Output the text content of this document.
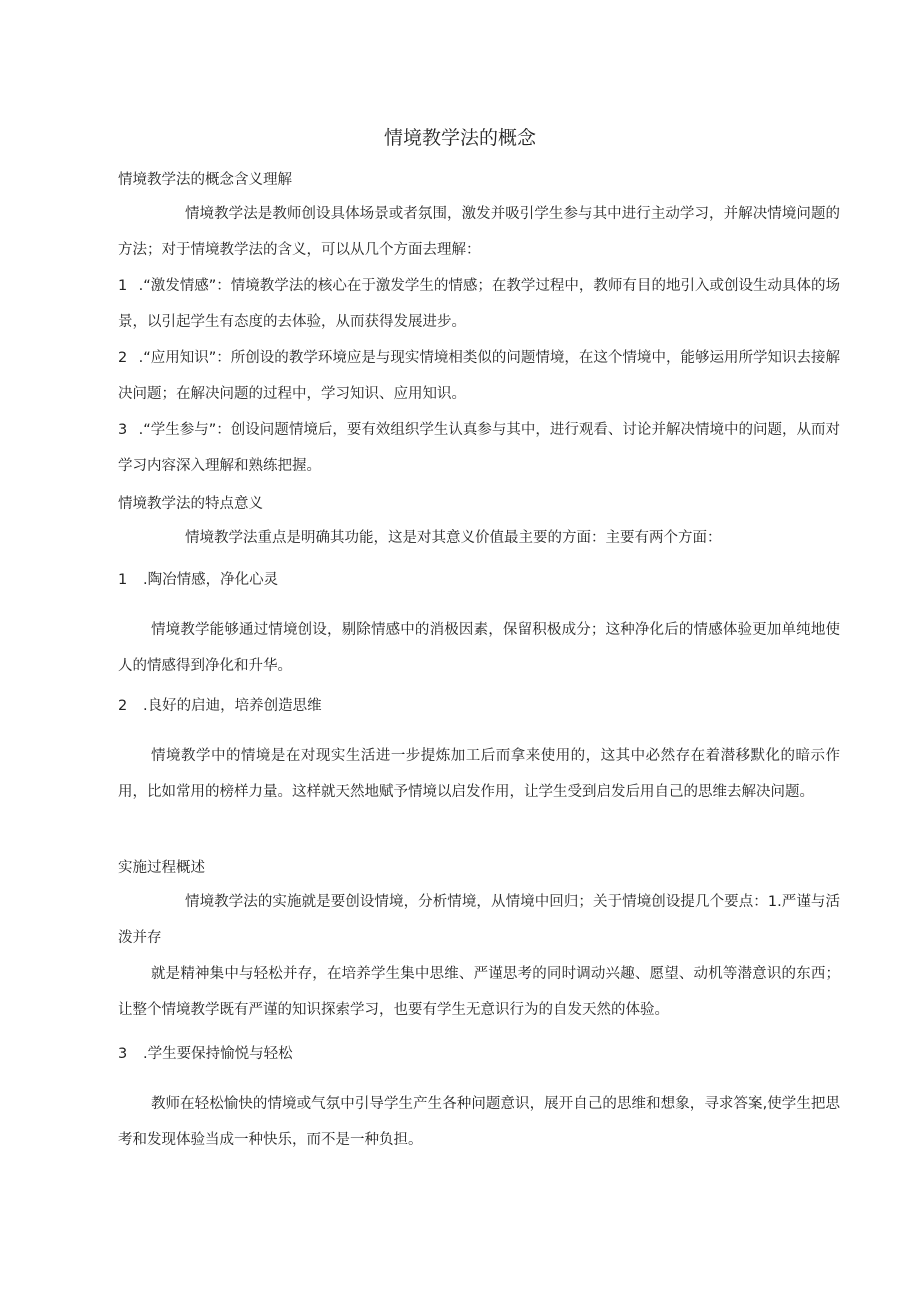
情境教学法的概念
情境教学法的概念含义理解
情境教学法是教师创设具体场景或者氛围，激发并吸引学生参与其中进行主动学习，并解决情境问题的方法；对于情境教学法的含义，可以从几个方面去理解：
1 .“激发情感”：情境教学法的核心在于激发学生的情感；在教学过程中，教师有目的地引入或创设生动具体的场景，以引起学生有态度的去体验，从而获得发展进步。
2 .“应用知识”：所创设的教学环境应是与现实情境相类似的问题情境，在这个情境中，能够运用所学知识去接解决问题；在解决问题的过程中，学习知识、应用知识。
3 .“学生参与”：创设问题情境后，要有效组织学生认真参与其中，进行观看、讨论并解决情境中的问题，从而对学习内容深入理解和熟练把握。
情境教学法的特点意义
情境教学法重点是明确其功能，这是对其意义价值最主要的方面：主要有两个方面：
1 .陶冶情感，净化心灵
情境教学能够通过情境创设，剔除情感中的消极因素，保留积极成分；这种净化后的情感体验更加单纯地使人的情感得到净化和升华。
2 .良好的启迪，培养创造思维
情境教学中的情境是在对现实生活进一步提炼加工后而拿来使用的，这其中必然存在着潜移默化的暗示作用，比如常用的榜样力量。这样就天然地赋予情境以启发作用，让学生受到启发后用自己的思维去解决问题。
实施过程概述
情境教学法的实施就是要创设情境，分析情境，从情境中回归；关于情境创设提几个要点：1.严谨与活泼并存
就是精神集中与轻松并存，在培养学生集中思维、严谨思考的同时调动兴趣、愿望、动机等潜意识的东西；让整个情境教学既有严谨的知识探索学习，也要有学生无意识行为的自发天然的体验。
3 .学生要保持愉悦与轻松
教师在轻松愉快的情境或气氛中引导学生产生各种问题意识，展开自己的思维和想象，寻求答案,使学生把思考和发现体验当成一种快乐，而不是一种负担。
